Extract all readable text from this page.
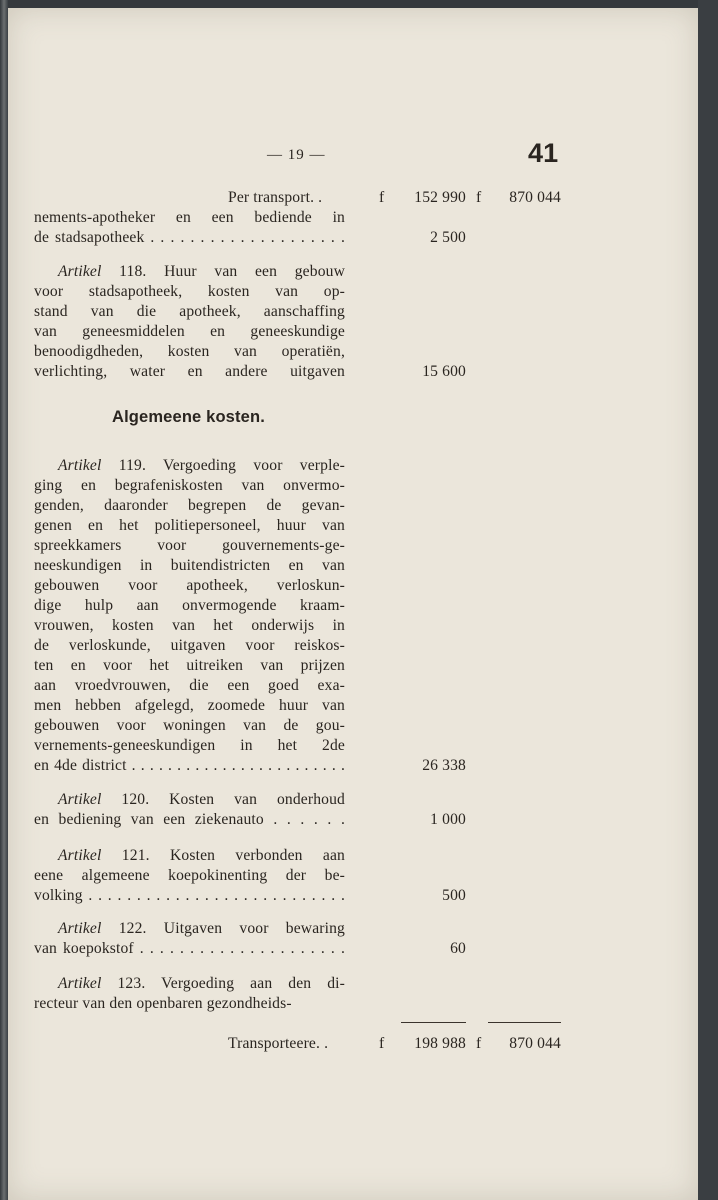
— 19 —	41
Per transport. .	f	152 990 f	870 044
nements-apotheker en een bediende in
de stadsapotheek . . . . . . . . . . . . . . . . . . . .	2 500
Artikel 118. Huur van een gebouw
voor stadsapotheek, kosten van op-
stand van die apotheek, aanschaffing
van geneesmiddelen en geneeskundige
benoodigdheden, kosten van operatiën,
verlichting, water en andere uitgaven	15 600
Algemeene kosten.
Artikel 119. Vergoeding voor verple-
ging en begrafeniskosten van onvermo-
genden, daaronder begrepen de gevan-
genen en het politiepersoneel, huur van
spreekkamers voor gouvernements-ge-
neeskundigen in buitendistricten en van
gebouwen voor apotheek, verloskun-
dige hulp aan onvermogende kraam-
vrouwen, kosten van het onderwijs in
de verloskunde, uitgaven voor reiskos-
ten en voor het uitreiken van prijzen
aan vroedvrouwen, die een goed exa-
men hebben afgelegd, zoomede huur van
gebouwen voor woningen van de gou-
vernements-geneeskundigen in het 2de
en 4de district . . . . . . . . . . . . . . . . . . . . . . . .	26 338
Artikel 120. Kosten van onderhoud
en bediening van een ziekenauto . . . . . .	1 000
Artikel 121. Kosten verbonden aan
eene algemeene koepokinenting der be-
volking . . . . . . . . . . . . . . . . . . . . . . . . . . .	500
Artikel 122. Uitgaven voor bewaring
van koepokstof . . . . . . . . . . . . . . . . . . . . .	60
Artikel 123. Vergoeding aan den di-
recteur van den openbaren gezondheids-
Transporteere. .	f	198 988 f	870 044
